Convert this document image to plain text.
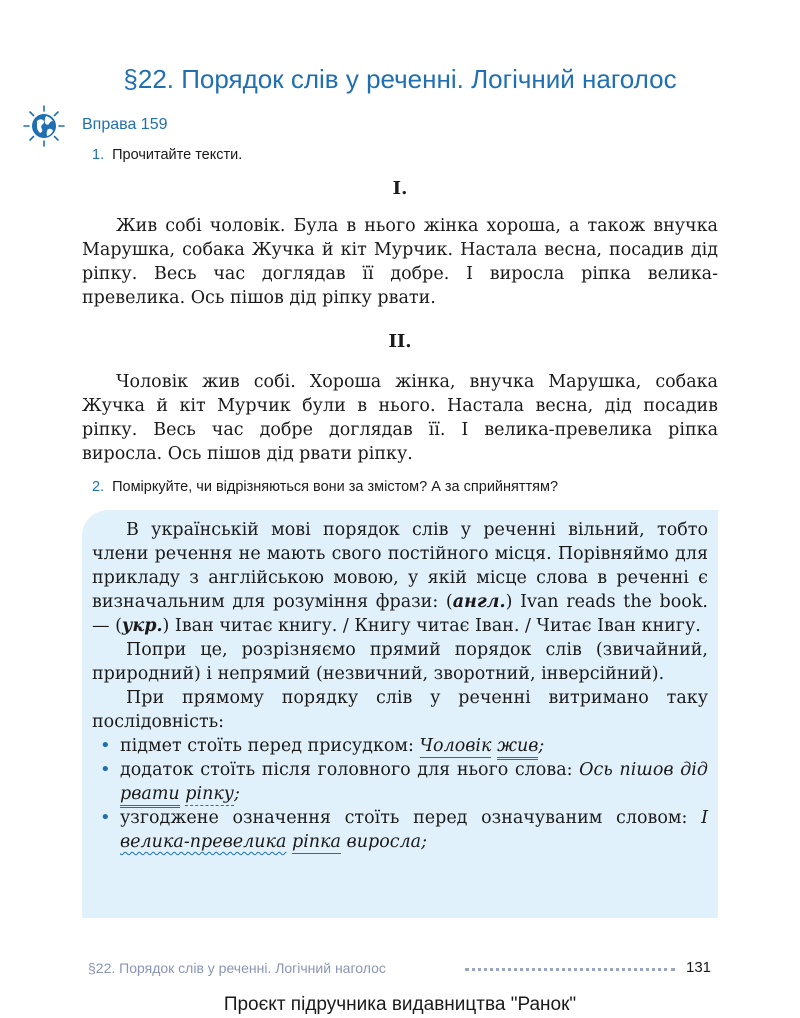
§22. Порядок слів у реченні. Логічний наголос
Вправа 159
1. Прочитайте тексти.
I.

Жив собі чоловік. Була в нього жінка хороша, а також внучка Марушка, собака Жучка й кіт Мурчик. Настала весна, посадив дід ріпку. Весь час доглядав її добре. І виросла ріпка велика-превелика. Ось пішов дід ріпку рвати.

II.

Чоловік жив собі. Хороша жінка, внучка Марушка, собака Жучка й кіт Мурчик були в нього. Настала весна, дід посадив ріпку. Весь час добре доглядав її. І велика-превелика ріпка виросла. Ось пішов дід рвати ріпку.

2. Поміркуйте, чи відрізняються вони за змістом? А за сприйняттям?

В українській мові порядок слів у реченні вільний, тобто члени речення не мають свого постійного місця. Порівняймо для прикладу з англійською мовою, у якій місце слова в реченні є визначальним для розуміння фрази: (англ.) Ivan reads the book. — (укр.) Іван читає книгу. / Книгу читає Іван. / Читає Іван книгу.

Попри це, розрізняємо прямий порядок слів (звичайний, природний) і непрямий (незвичний, зворотний, інверсійний).

При прямому порядку слів у реченні витримано таку послідовність:

• підмет стоїть перед присудком: Чоловік жив;
• додаток стоїть після головного для нього слова: Ось пішов дід рвати ріпку;
• узгоджене означення стоїть перед означуваним словом: І велика-превелика ріпка виросла;
§22. Порядок слів у реченні. Логічний наголос	131
Проєкт підручника видавництва "Ранок"
